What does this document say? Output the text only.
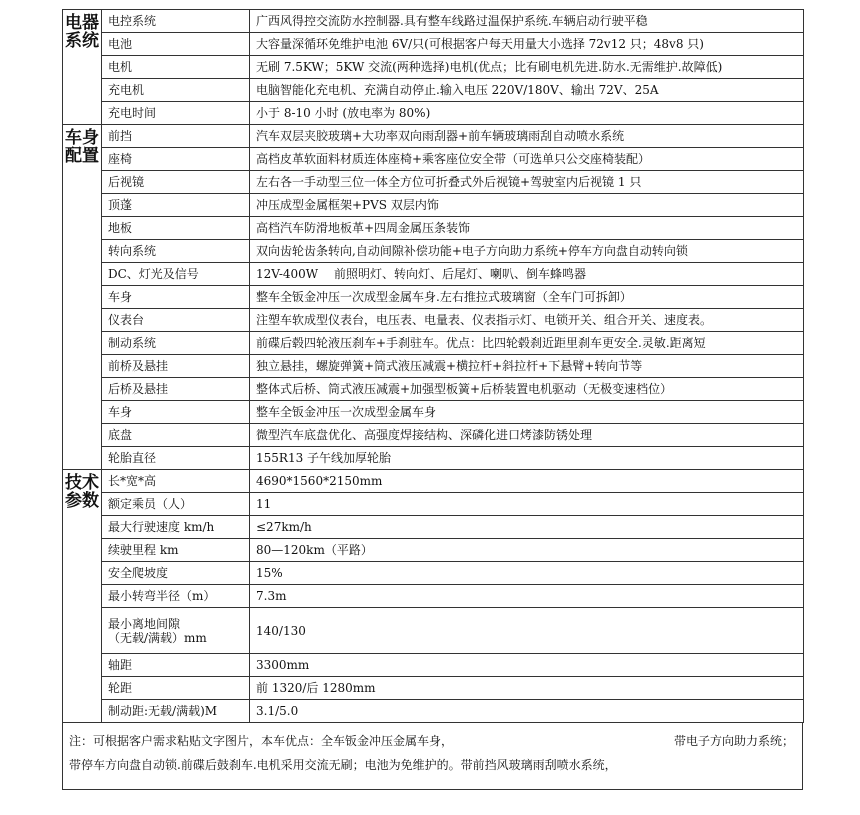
电器系统	电控系统	广西风得控交流防水控制器.具有整车线路过温保护系统.车辆启动行驶平稳
	电池	大容量深循环免维护电池 6V/只(可根据客户每天用量大小选择 72v12 只；48v8 只)
	电机	无刷 7.5KW；5KW 交流(两种选择)电机(优点；比有刷电机先进.防水.无需维护.故障低)
	充电机	电脑智能化充电机、充满自动停止.输入电压 220V/180V、输出 72V、25A
	充电时间	小于 8-10 小时 (放电率为 80%)

车身配置	前挡	汽车双层夹胶玻璃+大功率双向雨刮器+前车辆玻璃雨刮自动喷水系统
	座椅	高档皮革软面料材质连体座椅+乘客座位安全带（可选单只公交座椅装配）
	后视镜	左右各一手动型三位一体全方位可折叠式外后视镜+驾驶室内后视镜 1 只
	顶蓬	冲压成型金属框架+PVS 双层内饰
	地板	高档汽车防滑地板革+四周金属压条装饰
	转向系统	双向齿轮齿条转向,自动间隙补偿功能+电子方向助力系统+停车方向盘自动转向锁
	DC、灯光及信号	12V-400W　 前照明灯、转向灯、后尾灯、喇叭、倒车蜂鸣器
	车身	整车全钣金冲压一次成型金属车身.左右推拉式玻璃窗（全车门可拆卸）
	仪表台	注塑车软成型仪表台，电压表、电量表、仪表指示灯、电锁开关、组合开关、速度表。
	制动系统	前碟后毂四轮液压刹车+手刹驻车。优点：比四轮毂刹近距里刹车更安全.灵敏.距离短
	前桥及悬挂	独立悬挂，螺旋弹簧+筒式液压减震+横拉杆+斜拉杆+下悬臂+转向节等
	后桥及悬挂	整体式后桥、筒式液压减震+加强型板簧+后桥装置电机驱动（无极变速档位）
	车身	整车全钣金冲压一次成型金属车身
	底盘	微型汽车底盘优化、高强度焊接结构、深磷化进口烤漆防锈处理
	轮胎直径	155R13 子午线加厚轮胎

技术参数	长*宽*高	4690*1560*2150mm
	额定乘员（人）	11
	最大行驶速度 km/h	≤27km/h
	续驶里程 km	80—120km（平路）
	安全爬坡度	15%
	最小转弯半径（m）	7.3m
	最小离地间隙
（无载/满载）mm	140/130
	轴距	3300mm
	轮距	前 1320/后 1280mm
	制动距:无载/满载)M	3.1/5.0
注：可根据客户需求粘贴文字图片，本车优点：全车钣金冲压金属车身，	带电子方向助力系统；
带停车方向盘自动锁.前碟后鼓刹车.电机采用交流无刷；电池为免维护的。带前挡风玻璃雨刮喷水系统，
